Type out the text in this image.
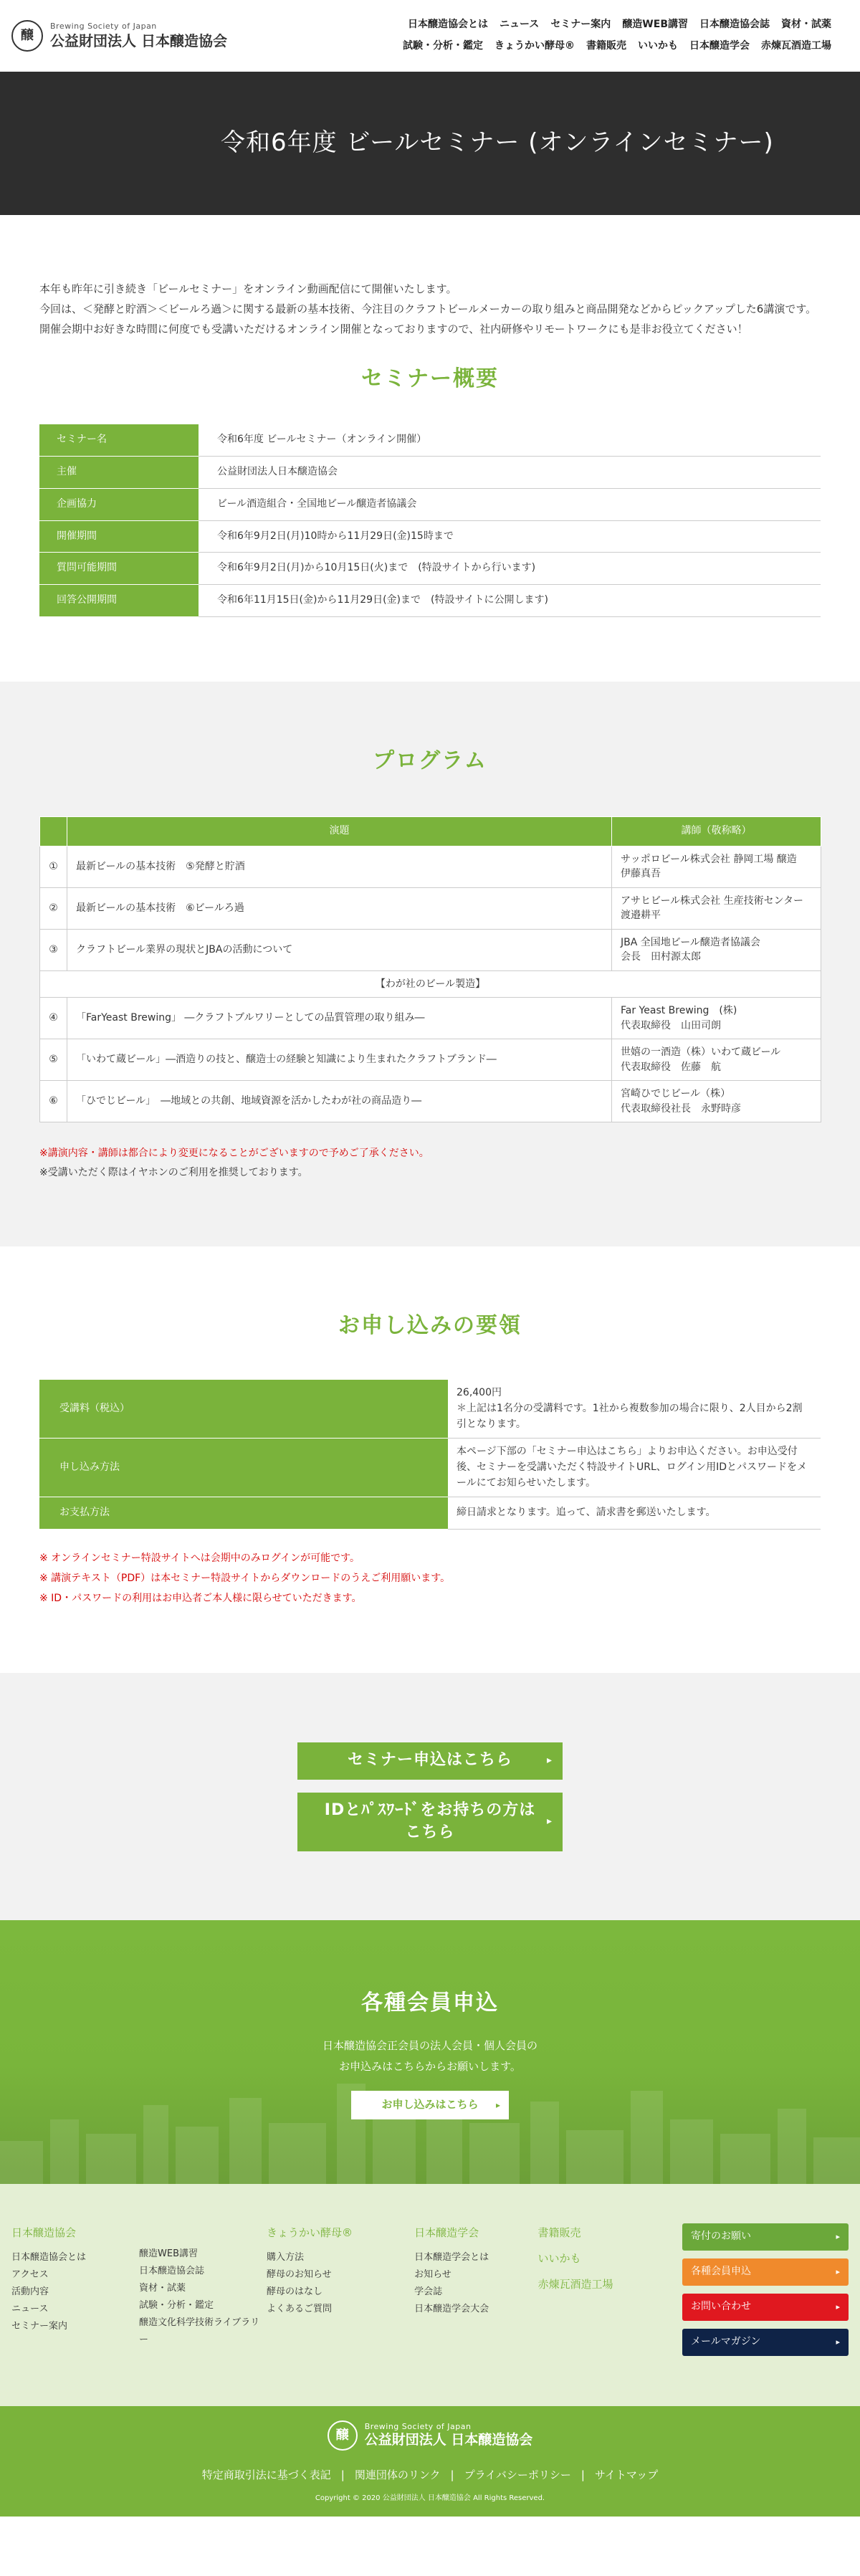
醸
Brewing Society of Japan
公益財団法人 日本醸造協会
日本醸造協会とは ニュース セミナー案内 醸造WEB講習 日本醸造協会誌 資材・試薬
試験・分析・鑑定 きょうかい酵母® 書籍販売 いいかも 日本醸造学会 赤煉瓦酒造工場
令和6年度 ビールセミナー (オンラインセミナー)

本年も昨年に引き続き「ビールセミナー」をオンライン動画配信にて開催いたします。

今回は、＜発酵と貯酒＞＜ビールろ過＞に関する最新の基本技術、今注目のクラフトビールメーカーの取り組みと商品開発などからピックアップした6講演です。

開催会期中お好きな時間に何度でも受講いただけるオンライン開催となっておりますので、社内研修やリモートワークにも是非お役立てください！

セミナー概要
セミナー名	令和6年度 ビールセミナー（オンライン開催）
主催	公益財団法人日本醸造協会
企画協力	ビール酒造組合・全国地ビール醸造者協議会
開催期間	令和6年9月2日(月)10時から11月29日(金)15時まで
質問可能期間	令和6年9月2日(月)から10月15日(火)まで　(特設サイトから行います)
回答公開期間	令和6年11月15日(金)から11月29日(金)まで　(特設サイトに公開します)
プログラム
	演題	講師（敬称略）
①	最新ビールの基本技術　⑤発酵と貯酒	サッポロビール株式会社 静岡工場 醸造
伊藤真吾

②	最新ビールの基本技術　⑥ビールろ過	アサヒビール株式会社 生産技術センター
渡邉耕平

③	クラフトビール業界の現状とJBAの活動について	JBA 全国地ビール醸造者協議会
会長　田村源太郎

【わが社のビール製造】		
④	「FarYeast Brewing」 ―クラフトブルワリーとしての品質管理の取り組み―	Far Yeast Brewing　(株)
代表取締役　山田司朗

⑤	「いわて蔵ビール」―酒造りの技と、醸造士の経験と知識により生まれたクラフトブランド―	世嬉の一酒造（株）いわて蔵ビール
代表取締役　佐藤　航

⑥	「ひでじビール」　―地域との共創、地域資源を活かしたわが社の商品造り―	宮崎ひでじビール（株）
代表取締役社長　永野時彦
※講演内容・講師は都合により変更になることがございますので予めご了承ください。
※受講いただく際はイヤホンのご利用を推奨しております。
お申し込みの要領
受講料（税込）	26,400円
＊上記は1名分の受講料です。1社から複数参加の場合に限り、2人目から2割引となります。

申し込み方法	本ページ下部の「セミナー申込はこちら」よりお申込ください。お申込受付後、セミナーを受講いただく特設サイトURL、ログイン用IDとパスワードをメールにてお知らせいたします。
お支払方法	締日請求となります。追って、請求書を郵送いたします。
※ オンラインセミナー特設サイトへは会期中のみログインが可能です。
※ 講演テキスト（PDF）は本セミナー特設サイトからダウンロードのうえご利用願います。
※ ID・パスワードの利用はお申込者ご本人様に限らせていただきます。
セミナー申込はこちら	▸
IDとﾊﾟｽﾜｰﾄﾞをお持ちの方は
こちら
▸
各種会員申込

日本醸造協会正会員の法人会員・個人会員の
お申込みはこちらからお願いします。

お申し込みはこちら ▸
日本醸造協会
日本醸造協会とは
アクセス
活動内容
ニュース
セミナー案内
醸造WEB講習
日本醸造協会誌
資材・試薬
試験・分析・鑑定
醸造文化科学技術ライブラリ
ー
きょうかい酵母®
購入方法
酵母のお知らせ
酵母のはなし
よくあるご質問
日本醸造学会
日本醸造学会とは
お知らせ
学会誌
日本醸造学会大会
書籍販売
いいかも
赤煉瓦酒造工場
寄付のお願い	▸
各種会員申込	▸
お問い合わせ	▸
メールマガジン	▸
醸
Brewing Society of Japan
公益財団法人 日本醸造協会
特定商取引法に基づく表記 | 関連団体のリンク | プライバシーポリシー | サイトマップ
Copyright © 2020 公益財団法人 日本醸造協会 All Rights Reserved.
